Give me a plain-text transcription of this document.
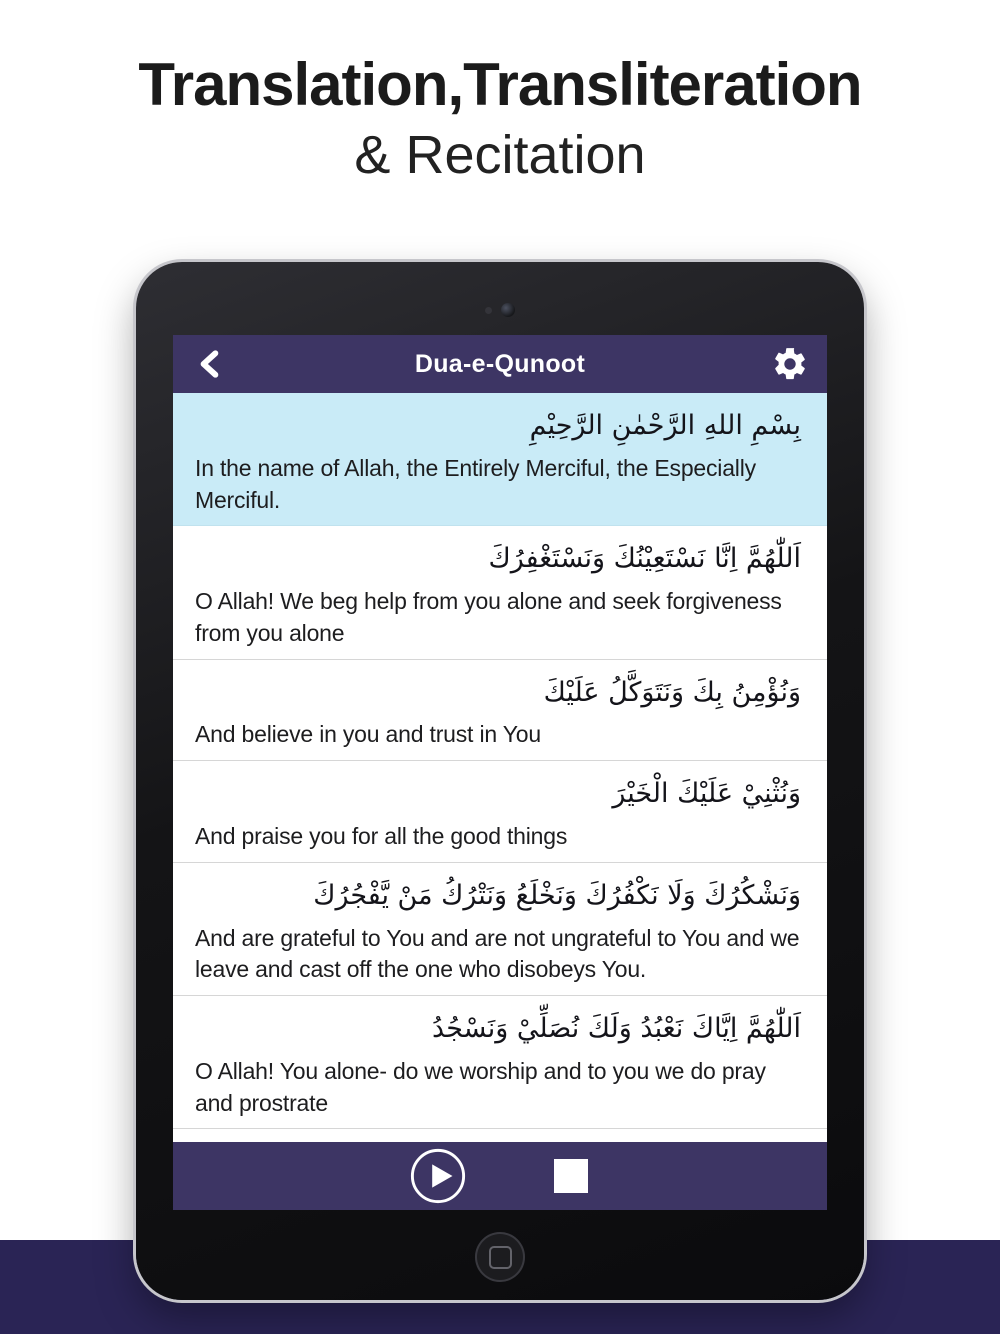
Translation,Transliteration
& Recitation
Dua-e-Qunoot
بِسْمِ اللهِ الرَّحْمٰنِ الرَّحِيْمِ
In the name of Allah, the Entirely Merciful, the Especially Merciful.
اَللّٰهُمَّ اِنَّا نَسْتَعِيْنُكَ وَنَسْتَغْفِرُكَ
O Allah! We beg help from you alone and seek forgiveness from you alone
وَنُؤْمِنُ بِكَ وَنَتَوَكَّلُ عَلَيْكَ
And believe in you and trust in You
وَنُثْنِيْ عَلَيْكَ الْخَيْرَ
And praise you for all the good things
وَنَشْكُرُكَ وَلَا نَكْفُرُكَ وَنَخْلَعُ وَنَتْرُكُ مَنْ يَّفْجُرُكَ
And are grateful to You and are not ungrateful to You and we leave and cast off the one who disobeys You.
اَللّٰهُمَّ اِيَّاكَ نَعْبُدُ وَلَكَ نُصَلِّيْ وَنَسْجُدُ
O Allah! You alone- do we worship and to you we do pray and prostrate
